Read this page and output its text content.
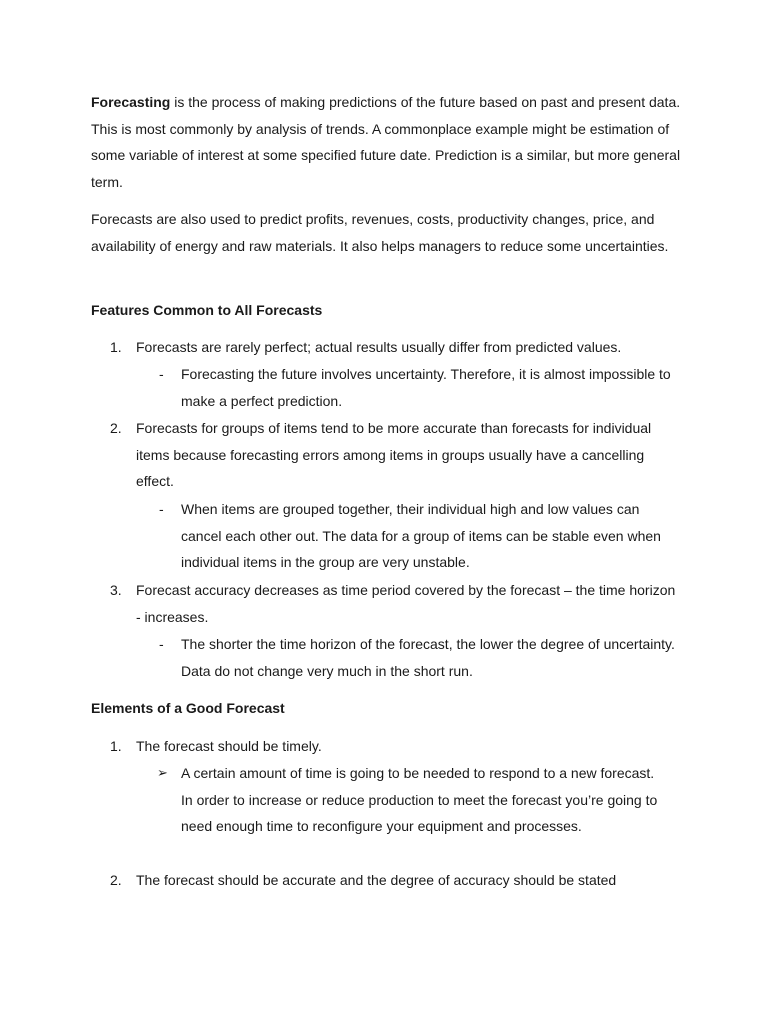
Forecasting is the process of making predictions of the future based on past and present data. This is most commonly by analysis of trends. A commonplace example might be estimation of some variable of interest at some specified future date. Prediction is a similar, but more general term.

Forecasts are also used to predict profits, revenues, costs, productivity changes, price, and availability of energy and raw materials. It also helps managers to reduce some uncertainties.

Features Common to All Forecasts

1. Forecasts are rarely perfect; actual results usually differ from predicted values.

- Forecasting the future involves uncertainty. Therefore, it is almost impossible to make a perfect prediction.

2. Forecasts for groups of items tend to be more accurate than forecasts for individual items because forecasting errors among items in groups usually have a cancelling effect.

- When items are grouped together, their individual high and low values can cancel each other out. The data for a group of items can be stable even when individual items in the group are very unstable.

3. Forecast accuracy decreases as time period covered by the forecast – the time horizon - increases.

- The shorter the time horizon of the forecast, the lower the degree of uncertainty. Data do not change very much in the short run.

Elements of a Good Forecast

1. The forecast should be timely.

➢ A certain amount of time is going to be needed to respond to a new forecast. In order to increase or reduce production to meet the forecast you’re going to need enough time to reconfigure your equipment and processes.

2. The forecast should be accurate and the degree of accuracy should be stated
